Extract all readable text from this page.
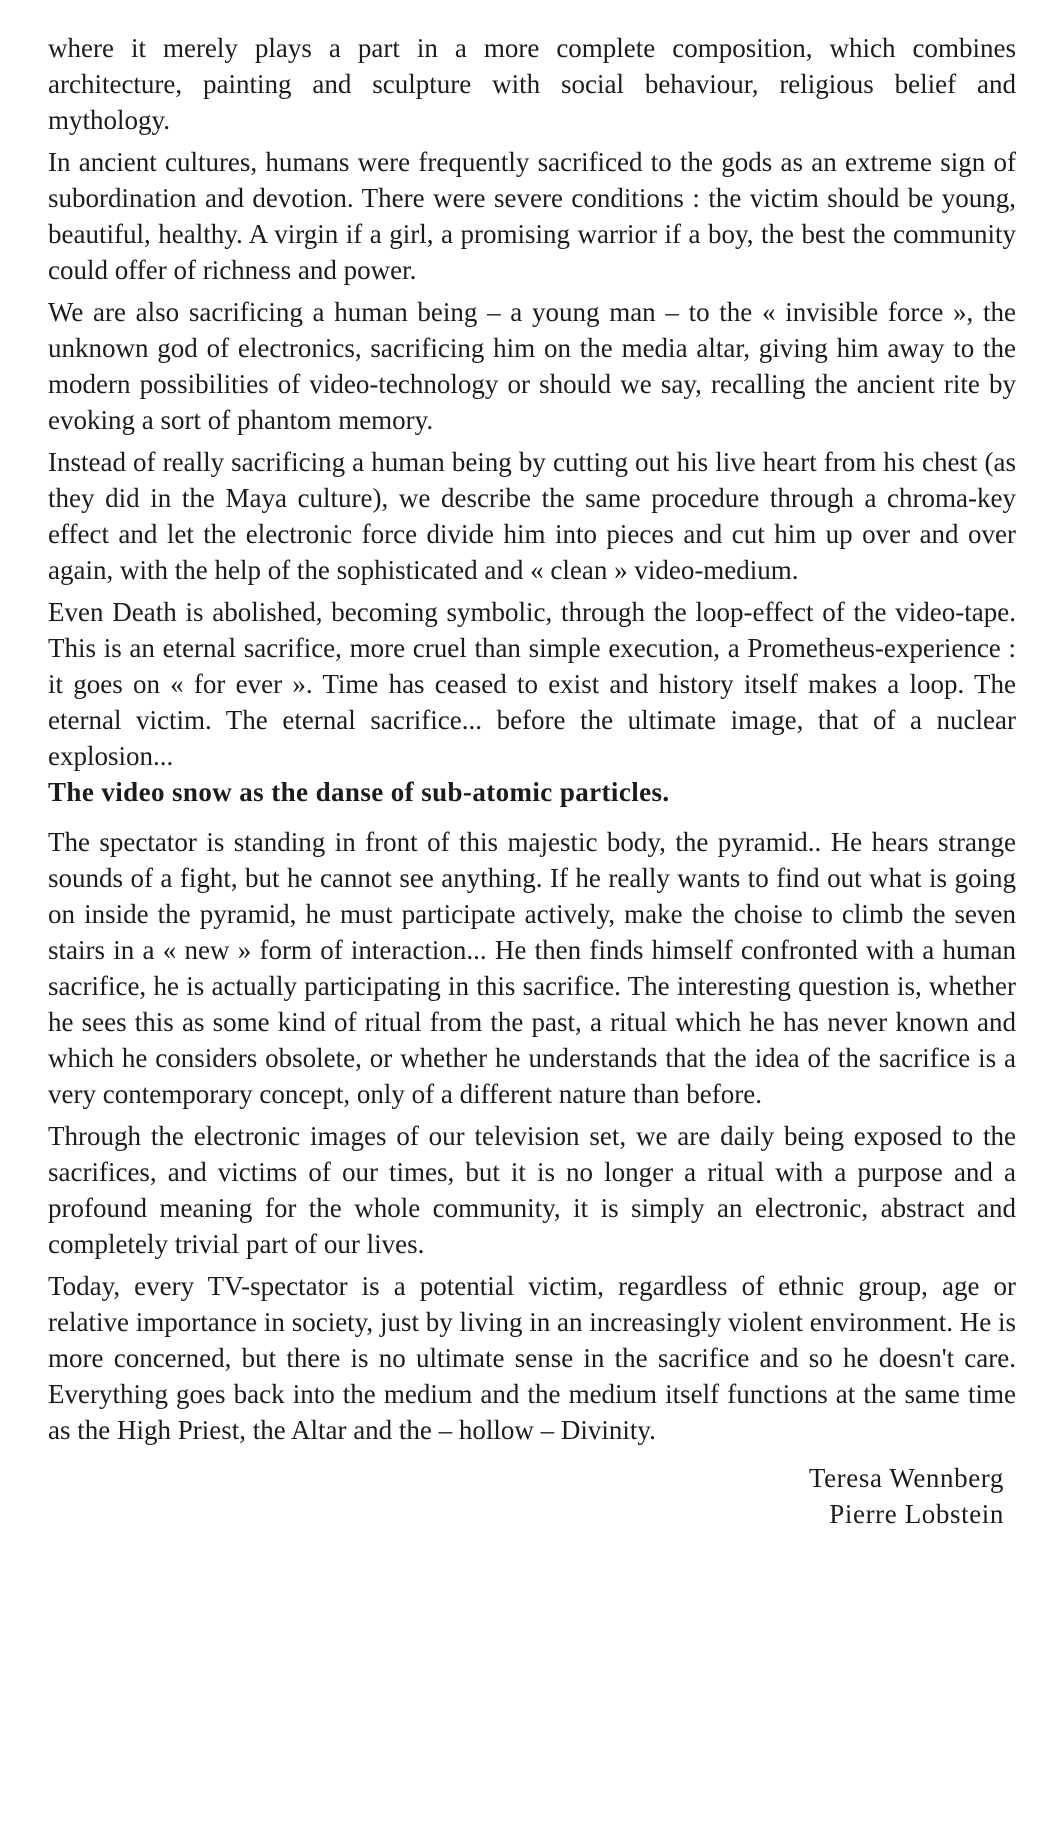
where it merely plays a part in a more complete composition, which combines architecture, painting and sculpture with social behaviour, religious belief and mythology.

In ancient cultures, humans were frequently sacrificed to the gods as an extreme sign of subordination and devotion. There were severe conditions : the victim should be young, beautiful, healthy. A virgin if a girl, a promising warrior if a boy, the best the community could offer of richness and power.

We are also sacrificing a human being – a young man – to the « invisible force », the unknown god of electronics, sacrificing him on the media altar, giving him away to the modern possibilities of video-technology or should we say, recalling the ancient rite by evoking a sort of phantom memory.

Instead of really sacrificing a human being by cutting out his live heart from his chest (as they did in the Maya culture), we describe the same procedure through a chroma-key effect and let the electronic force divide him into pieces and cut him up over and over again, with the help of the sophisticated and « clean » video-medium.

Even Death is abolished, becoming symbolic, through the loop-effect of the video-tape. This is an eternal sacrifice, more cruel than simple execution, a Prometheus-experience : it goes on « for ever ». Time has ceased to exist and history itself makes a loop. The eternal victim. The eternal sacrifice... before the ultimate image, that of a nuclear explosion...

The video snow as the danse of sub-atomic particles.

The spectator is standing in front of this majestic body, the pyramid.. He hears strange sounds of a fight, but he cannot see anything. If he really wants to find out what is going on inside the pyramid, he must participate actively, make the choise to climb the seven stairs in a « new » form of interaction... He then finds himself confronted with a human sacrifice, he is actually participating in this sacrifice. The interesting question is, whether he sees this as some kind of ritual from the past, a ritual which he has never known and which he considers obsolete, or whether he understands that the idea of the sacrifice is a very contemporary concept, only of a different nature than before.

Through the electronic images of our television set, we are daily being exposed to the sacrifices, and victims of our times, but it is no longer a ritual with a purpose and a profound meaning for the whole community, it is simply an electronic, abstract and completely trivial part of our lives.

Today, every TV-spectator is a potential victim, regardless of ethnic group, age or relative importance in society, just by living in an increasingly violent environment. He is more concerned, but there is no ultimate sense in the sacrifice and so he doesn't care. Everything goes back into the medium and the medium itself functions at the same time as the High Priest, the Altar and the – hollow – Divinity.

Teresa Wennberg
Pierre Lobstein
